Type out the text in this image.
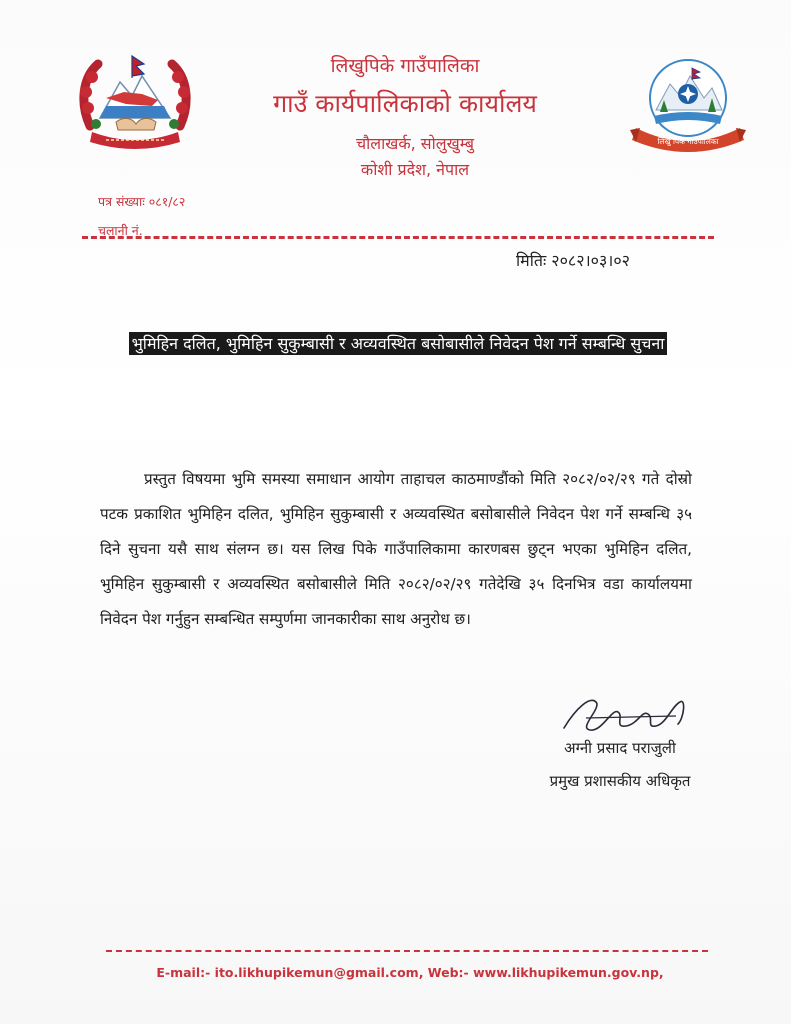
लिखुपिके गाउँपालिका
गाउँ कार्यपालिकाको कार्यालय
चौलाखर्क, सोलुखुम्बु
कोशी प्रदेश, नेपाल
लिखु पिके गाउँपालिका
पत्र संख्याः ०८१/८२
चलानी नं.
मितिः २०८२।०३।०२
भुमिहिन दलित, भुमिहिन सुकुम्बासी र अव्यवस्थित बसोबासीले निवेदन पेश गर्ने सम्बन्धि सुचना

प्रस्तुत विषयमा भुमि समस्या समाधान आयोग ताहाचल काठमाण्डौंको मिति २०८२/०२/२९ गते दोस्रो पटक प्रकाशित भुमिहिन दलित, भुमिहिन सुकुम्बासी र अव्यवस्थित बसोबासीले निवेदन पेश गर्ने सम्बन्धि ३५ दिने सुचना यसै साथ संलग्न छ। यस लिख पिके गाउँपालिकामा कारणबस छुट्न भएका भुमिहिन दलित, भुमिहिन सुकुम्बासी र अव्यवस्थित बसोबासीले मिति २०८२/०२/२९ गतेदेखि ३५ दिनभित्र वडा कार्यालयमा निवेदन पेश गर्नुहुन सम्बन्धित सम्पुर्णमा जानकारीका साथ अनुरोध छ।

अग्नी प्रसाद पराजुली
प्रमुख प्रशासकीय अधिकृत
E-mail:- ito.likhupikemun@gmail.com, Web:- www.likhupikemun.gov.np,
